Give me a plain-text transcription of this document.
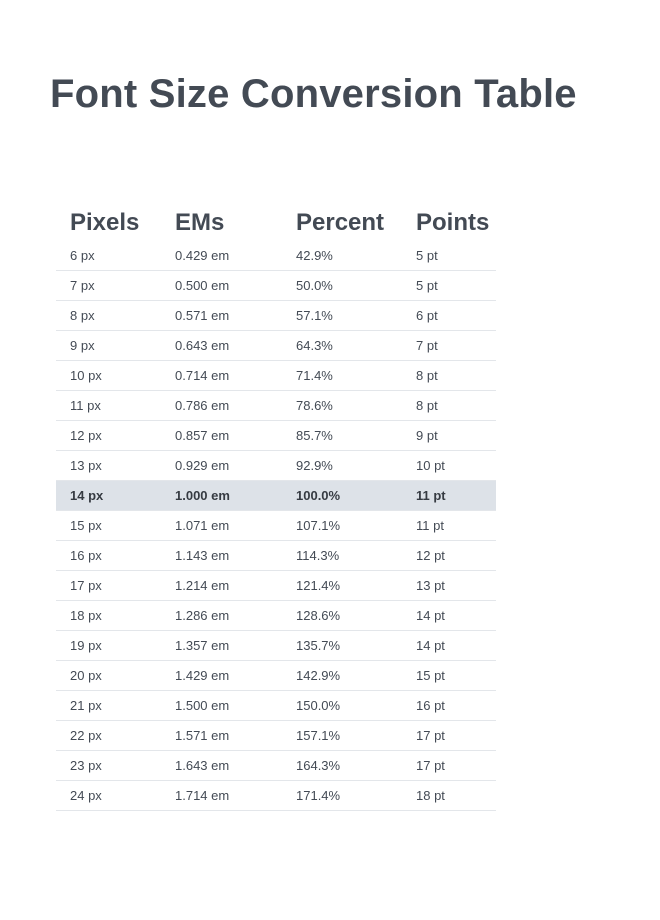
Font Size Conversion Table
Pixels	EMs	Percent	Points
6 px	0.429 em	42.9%	5 pt
7 px	0.500 em	50.0%	5 pt
8 px	0.571 em	57.1%	6 pt
9 px	0.643 em	64.3%	7 pt
10 px	0.714 em	71.4%	8 pt
11 px	0.786 em	78.6%	8 pt
12 px	0.857 em	85.7%	9 pt
13 px	0.929 em	92.9%	10 pt
14 px	1.000 em	100.0%	11 pt
15 px	1.071 em	107.1%	11 pt
16 px	1.143 em	114.3%	12 pt
17 px	1.214 em	121.4%	13 pt
18 px	1.286 em	128.6%	14 pt
19 px	1.357 em	135.7%	14 pt
20 px	1.429 em	142.9%	15 pt
21 px	1.500 em	150.0%	16 pt
22 px	1.571 em	157.1%	17 pt
23 px	1.643 em	164.3%	17 pt
24 px	1.714 em	171.4%	18 pt
